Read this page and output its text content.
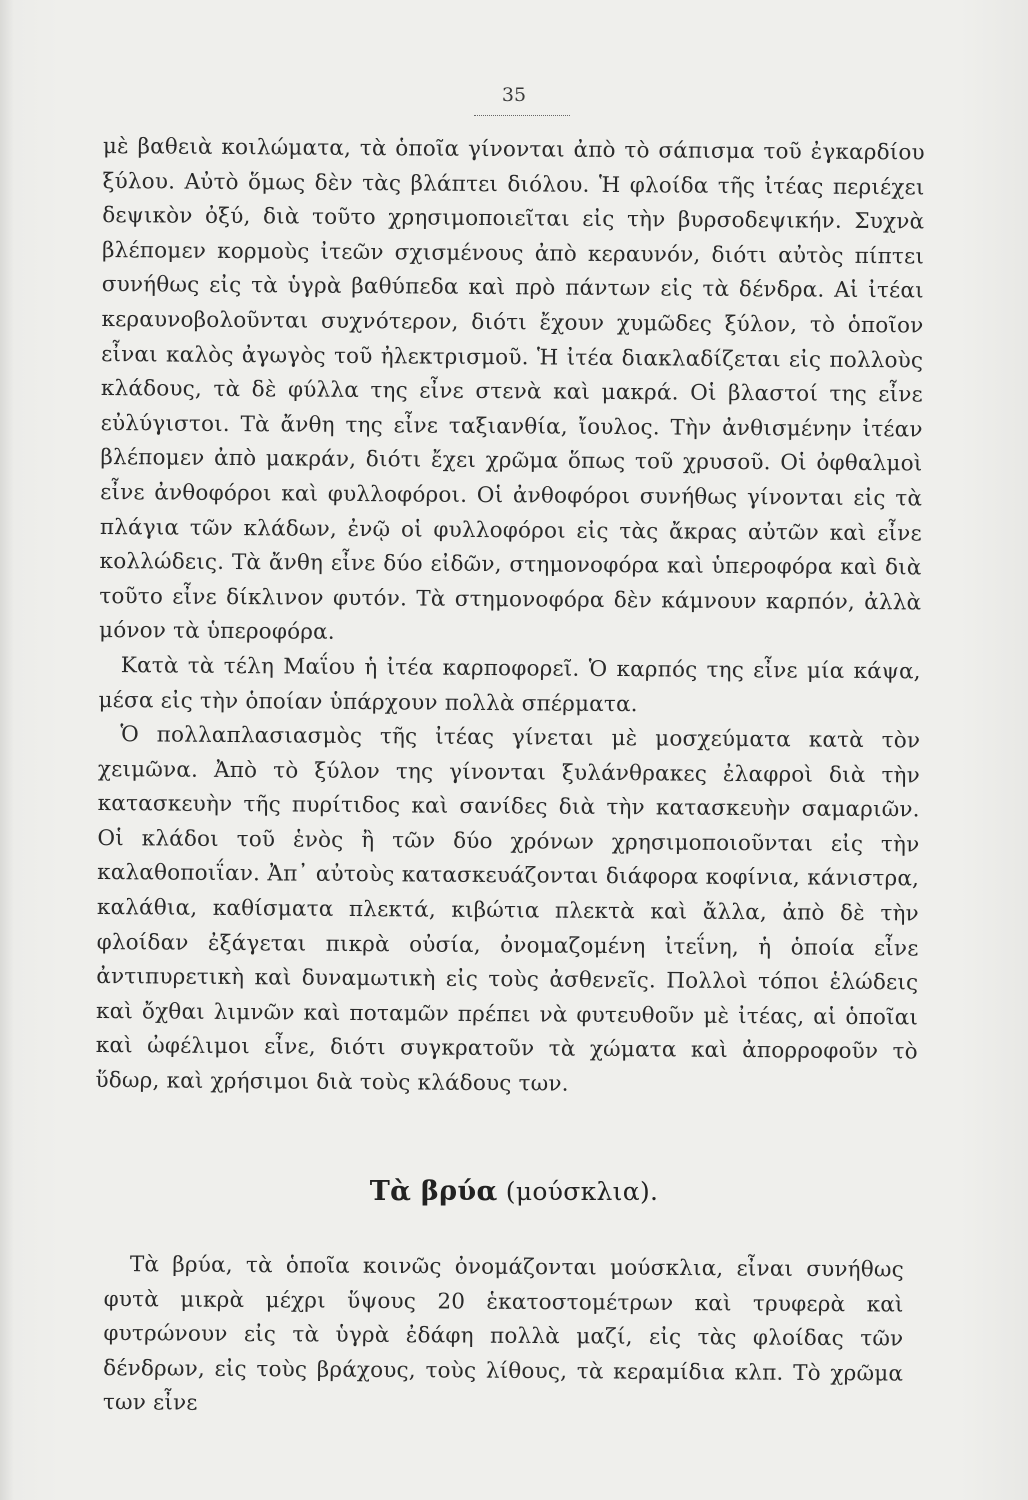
35

μὲ βαθειὰ κοιλώματα, τὰ ὁποῖα γίνονται ἀπὸ τὸ σάπισμα τοῦ ἐγκαρδίου ξύλου. Αὐτὸ ὅμως δὲν τὰς βλάπτει διόλου. Ἡ φλοίδα τῆς ἰτέας περιέχει δεψικὸν ὀξύ, διὰ τοῦτο χρησιμοποιεῖται εἰς τὴν βυρσοδεψικήν. Συχνὰ βλέπομεν κορμοὺς ἰτεῶν σχισμένους ἀπὸ κεραυνόν, διότι αὐτὸς πίπτει συνήθως εἰς τὰ ὑγρὰ βαθύπεδα καὶ πρὸ πάντων εἰς τὰ δένδρα. Αἱ ἰτέαι κεραυνοβολοῦνται συχνότερον, διότι ἔχουν χυμῶδες ξύλον, τὸ ὁποῖον εἶναι καλὸς ἀγωγὸς τοῦ ἠλεκτρισμοῦ. Ἡ ἰτέα διακλαδίζεται εἰς πολλοὺς κλάδους, τὰ δὲ φύλλα της εἶνε στενὰ καὶ μακρά. Οἱ βλαστοί της εἶνε εὐλύγιστοι. Τὰ ἄνθη της εἶνε ταξιανθία, ἴουλος. Τὴν ἀνθισμένην ἰτέαν βλέπομεν ἀπὸ μακράν, διότι ἔχει χρῶμα ὅπως τοῦ χρυσοῦ. Οἱ ὀφθαλμοὶ εἶνε ἀνθοφόροι καὶ φυλλοφόροι. Οἱ ἀνθοφόροι συνήθως γίνονται εἰς τὰ πλάγια τῶν κλάδων, ἐνῷ οἱ φυλλοφόροι εἰς τὰς ἄκρας αὐτῶν καὶ εἶνε κολλώδεις. Τὰ ἄνθη εἶνε δύο εἰδῶν, στημονοφόρα καὶ ὑπεροφόρα καὶ διὰ τοῦτο εἶνε δίκλινον φυτόν. Τὰ στημονοφόρα δὲν κάμνουν καρπόν, ἀλλὰ μόνον τὰ ὑπεροφόρα.

Κατὰ τὰ τέλη Μαΐου ἡ ἰτέα καρποφορεῖ. Ὁ καρπός της εἶνε μία κάψα, μέσα εἰς τὴν ὁποίαν ὑπάρχουν πολλὰ σπέρματα.

Ὁ πολλαπλασιασμὸς τῆς ἰτέας γίνεται μὲ μοσχεύματα κατὰ τὸν χειμῶνα. Ἀπὸ τὸ ξύλον της γίνονται ξυλάνθρακες ἐλαφροὶ διὰ τὴν κατασκευὴν τῆς πυρίτιδος καὶ σανίδες διὰ τὴν κατασκευὴν σαμαριῶν. Οἱ κλάδοι τοῦ ἑνὸς ἢ τῶν δύο χρόνων χρησιμοποιοῦνται εἰς τὴν καλαθοποιΐαν. Ἀπ᾽ αὐτοὺς κατασκευάζονται διάφορα κοφίνια, κάνιστρα, καλάθια, καθίσματα πλεκτά, κιβώτια πλεκτὰ καὶ ἄλλα, ἀπὸ δὲ τὴν φλοίδαν ἐξάγεται πικρὰ οὐσία, ὀνομαζομένη ἰτεΐνη, ἡ ὁποία εἶνε ἀντιπυρετικὴ καὶ δυναμωτικὴ εἰς τοὺς ἀσθενεῖς. Πολλοὶ τόποι ἑλώδεις καὶ ὄχθαι λιμνῶν καὶ ποταμῶν πρέπει νὰ φυτευθοῦν μὲ ἰτέας, αἱ ὁποῖαι καὶ ὠφέλιμοι εἶνε, διότι συγκρατοῦν τὰ χώματα καὶ ἀπορροφοῦν τὸ ὕδωρ, καὶ χρήσιμοι διὰ τοὺς κλάδους των.

Τὰ βρύα (μούσκλια).

Τὰ βρύα, τὰ ὁποῖα κοινῶς ὀνομάζονται μούσκλια, εἶναι συνήθως φυτὰ μικρὰ μέχρι ὕψους 20 ἑκατοστομέτρων καὶ τρυφερὰ καὶ φυτρώνουν εἰς τὰ ὑγρὰ ἐδάφη πολλὰ μαζί, εἰς τὰς φλοίδας τῶν δένδρων, εἰς τοὺς βράχους, τοὺς λίθους, τὰ κεραμίδια κλπ. Τὸ χρῶμα των εἶνε
